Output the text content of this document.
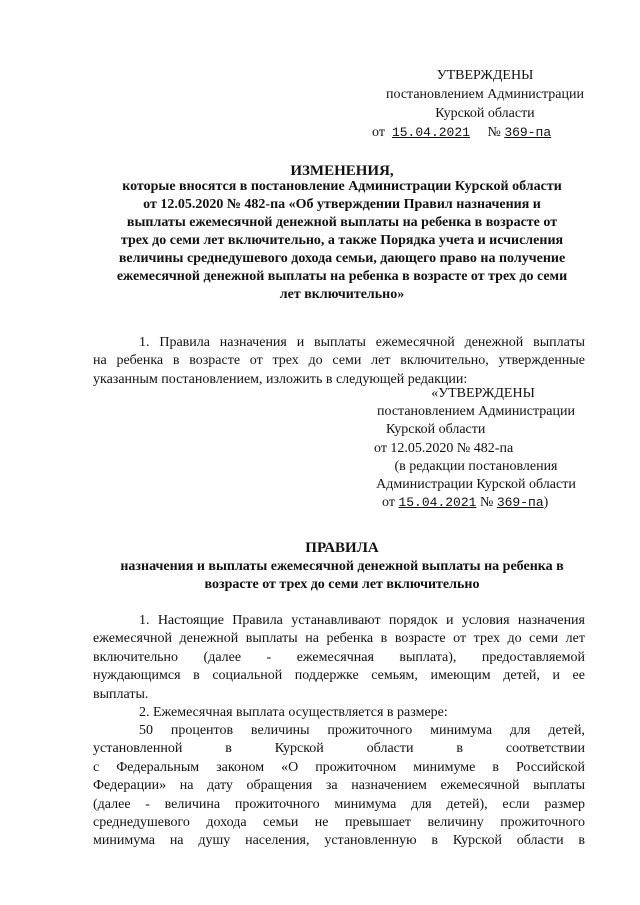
УТВЕРЖДЕНЫ
постановлением Администрации
Курской области
от 15.04.2021 № 369-па
ИЗМЕНЕНИЯ,
которые вносятся в постановление Администрации Курской области
от 12.05.2020 № 482-па «Об утверждении Правил назначения и
выплаты ежемесячной денежной выплаты на ребенка в возрасте от
трех до семи лет включительно, а также Порядка учета и исчисления
величины среднедушевого дохода семьи, дающего право на получение
ежемесячной денежной выплаты на ребенка в возрасте от трех до семи
лет включительно»
1. Правила назначения и выплаты ежемесячной денежной выплаты
на ребенка в возрасте от трех до семи лет включительно, утвержденные
указанным постановлением, изложить в следующей редакции:
«УТВЕРЖДЕНЫ
постановлением Администрации
Курской области
от 12.05.2020 № 482-па
(в редакции постановления
Администрации Курской области
от 15.04.2021 № 369-па)
ПРАВИЛА
назначения и выплаты ежемесячной денежной выплаты на ребенка в
возрасте от трех до семи лет включительно
1. Настоящие Правила устанавливают порядок и условия назначения
ежемесячной денежной выплаты на ребенка в возрасте от трех до семи лет
включительно (далее - ежемесячная выплата), предоставляемой
нуждающимся в социальной поддержке семьям, имеющим детей, и ее
выплаты.
2. Ежемесячная выплата осуществляется в размере:
50 процентов величины прожиточного минимума для детей,
установленной в Курской области в соответствии
с Федеральным законом «О прожиточном минимуме в Российской
Федерации» на дату обращения за назначением ежемесячной выплаты
(далее - величина прожиточного минимума для детей), если размер
среднедушевого дохода семьи не превышает величину прожиточного
минимума на душу населения, установленную в Курской области в
